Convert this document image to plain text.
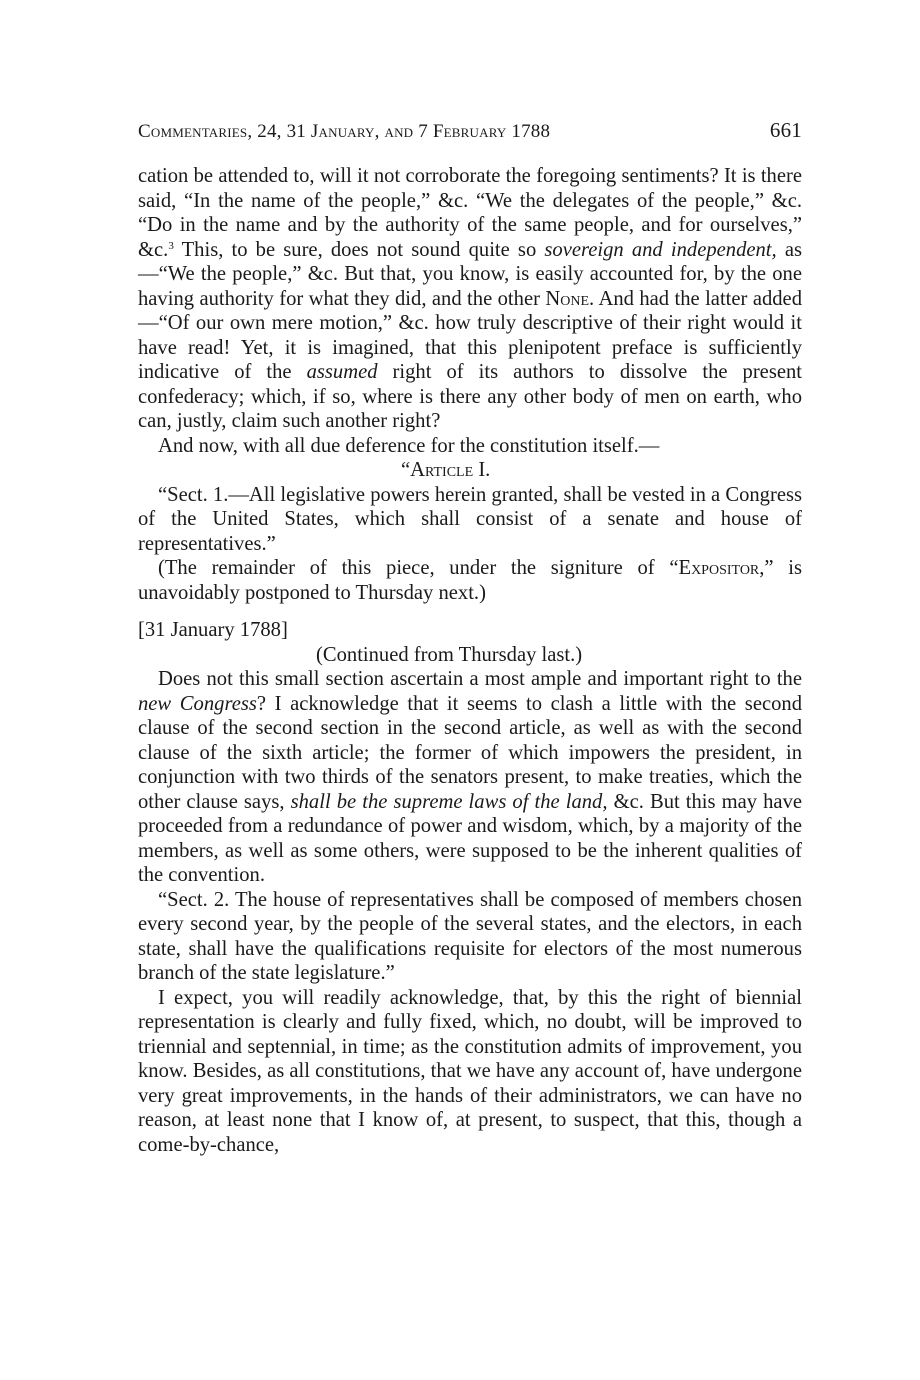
Commentaries, 24, 31 January, and 7 February 1788	661

cation be attended to, will it not corroborate the foregoing sentiments? It is there said, “In the name of the people,” &c. “We the delegates of the people,” &c. “Do in the name and by the authority of the same people, and for ourselves,” &c.$^3$ This, to be sure, does not sound quite so sovereign and independent, as—“We the people,” &c. But that, you know, is easily accounted for, by the one having authority for what they did, and the other None. And had the latter added—“Of our own mere motion,” &c. how truly descriptive of their right would it have read! Yet, it is imagined, that this plenipotent preface is sufficiently indicative of the assumed right of its authors to dissolve the present confederacy; which, if so, where is there any other body of men on earth, who can, justly, claim such another right?

And now, with all due deference for the constitution itself.—

“Article I.

“Sect. 1.—All legislative powers herein granted, shall be vested in a Congress of the United States, which shall consist of a senate and house of representatives.”

(The remainder of this piece, under the signiture of “Expositor,” is unavoidably postponed to Thursday next.)

[31 January 1788]

(Continued from Thursday last.)

Does not this small section ascertain a most ample and important right to the new Congress? I acknowledge that it seems to clash a little with the second clause of the second section in the second article, as well as with the second clause of the sixth article; the former of which impowers the president, in conjunction with two thirds of the senators present, to make treaties, which the other clause says, shall be the supreme laws of the land, &c. But this may have proceeded from a redundance of power and wisdom, which, by a majority of the members, as well as some others, were supposed to be the inherent qualities of the convention.

“Sect. 2. The house of representatives shall be composed of members chosen every second year, by the people of the several states, and the electors, in each state, shall have the qualifications requisite for electors of the most numerous branch of the state legislature.”

I expect, you will readily acknowledge, that, by this the right of biennial representation is clearly and fully fixed, which, no doubt, will be improved to triennial and septennial, in time; as the constitution admits of improvement, you know. Besides, as all constitutions, that we have any account of, have undergone very great improvements, in the hands of their administrators, we can have no reason, at least none that I know of, at present, to suspect, that this, though a come-by-chance,
